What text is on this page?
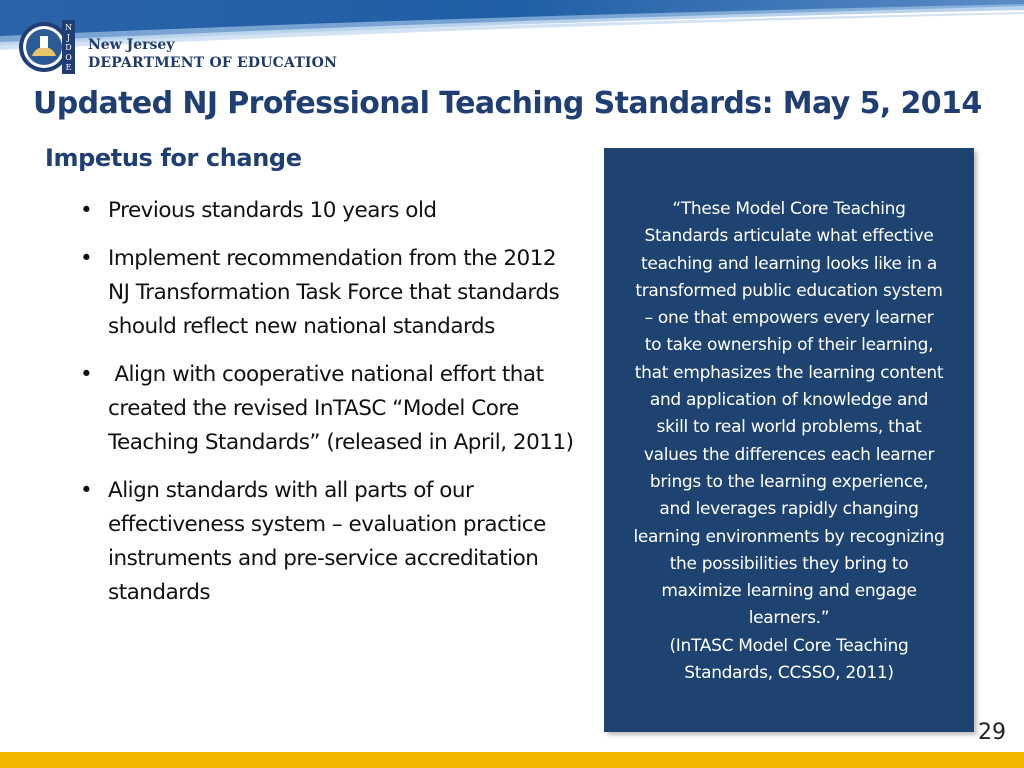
N
J
D
O
E
New Jersey
DEPARTMENT OF EDUCATION
Updated NJ Professional Teaching Standards: May 5, 2014
Impetus for change
• Previous standards 10 years old
• Implement recommendation from the 2012 NJ Transformation Task Force that standards should reflect new national standards
• Align with cooperative national effort that created the revised InTASC “Model Core Teaching Standards” (released in April, 2011)
• Align standards with all parts of our effectiveness system – evaluation practice instruments and pre-service accreditation standards

“These Model Core Teaching
Standards articulate what effective
teaching and learning looks like in a
transformed public education system
– one that empowers every learner
to take ownership of their learning,
that emphasizes the learning content
and application of knowledge and
skill to real world problems, that
values the differences each learner
brings to the learning experience,
and leverages rapidly changing
learning environments by recognizing
the possibilities they bring to
maximize learning and engage
learners.”
(InTASC Model Core Teaching
Standards, CCSSO, 2011)

29
